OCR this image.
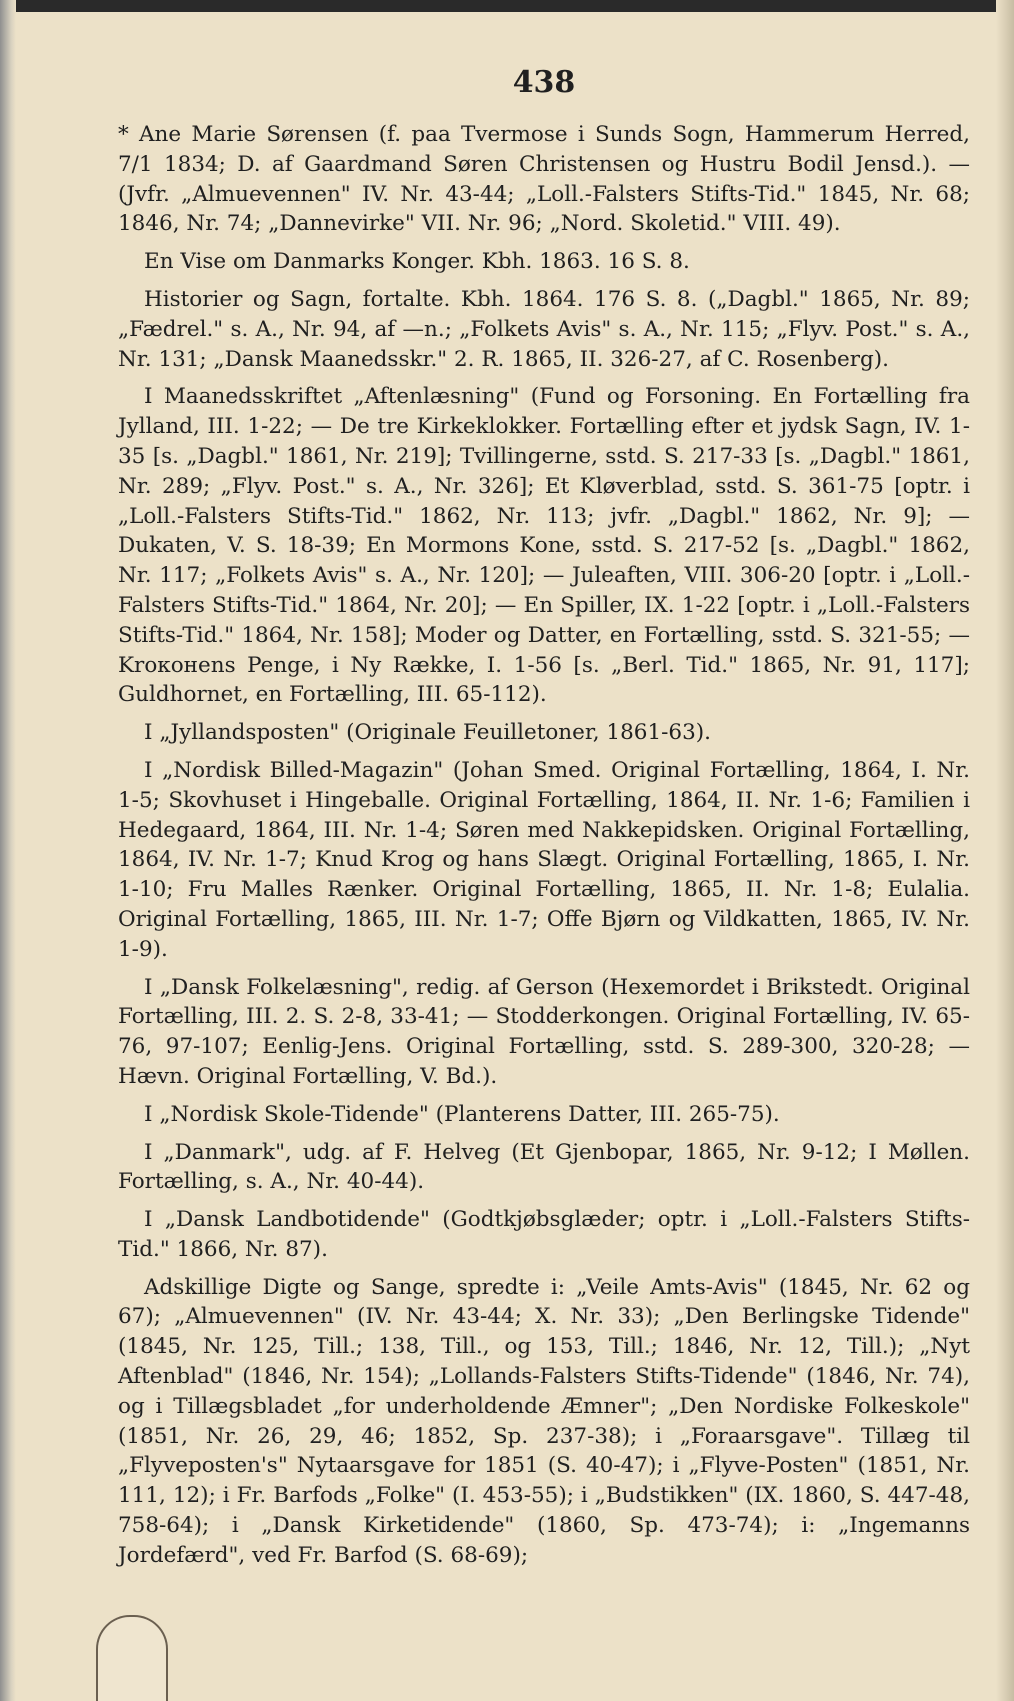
438

* Ane Marie Sørensen (f. paa Tvermose i Sunds Sogn, Hammerum Herred, 7/1 1834; D. af Gaardmand Søren Christensen og Hustru Bodil Jensd.). — (Jvfr. „Almuevennen" IV. Nr. 43-44; „Loll.-Falsters Stifts-Tid." 1845, Nr. 68; 1846, Nr. 74; „Dannevirke" VII. Nr. 96; „Nord. Skoletid." VIII. 49).

En Vise om Danmarks Konger. Kbh. 1863. 16 S. 8.

Historier og Sagn, fortalte. Kbh. 1864. 176 S. 8. („Dagbl." 1865, Nr. 89; „Fædrel." s. A., Nr. 94, af —n.; „Folkets Avis" s. A., Nr. 115; „Flyv. Post." s. A., Nr. 131; „Dansk Maanedsskr." 2. R. 1865, II. 326-27, af C. Rosenberg).

I Maanedsskriftet „Aftenlæsning" (Fund og Forsoning. En Fortælling fra Jylland, III. 1-22; — De tre Kirkeklokker. Fortælling efter et jydsk Sagn, IV. 1-35 [s. „Dagbl." 1861, Nr. 219]; Tvillingerne, sstd. S. 217-33 [s. „Dagbl." 1861, Nr. 289; „Flyv. Post." s. A., Nr. 326]; Et Kløverblad, sstd. S. 361-75 [optr. i „Loll.-Falsters Stifts-Tid." 1862, Nr. 113; jvfr. „Dagbl." 1862, Nr. 9]; — Dukaten, V. S. 18-39; En Mormons Kone, sstd. S. 217-52 [s. „Dagbl." 1862, Nr. 117; „Folkets Avis" s. A., Nr. 120]; — Juleaften, VIII. 306-20 [optr. i „Loll.-Falsters Stifts-Tid." 1864, Nr. 20]; — En Spiller, IX. 1-22 [optr. i „Loll.-Falsters Stifts-Tid." 1864, Nr. 158]; Moder og Datter, en Fortælling, sstd. S. 321-55; — Kroконens Penge, i Ny Række, I. 1-56 [s. „Berl. Tid." 1865, Nr. 91, 117]; Guldhornet, en Fortælling, III. 65-112).

I „Jyllandsposten" (Originale Feuilletoner, 1861-63).

I „Nordisk Billed-Magazin" (Johan Smed. Original Fortælling, 1864, I. Nr. 1-5; Skovhuset i Hingeballe. Original Fortælling, 1864, II. Nr. 1-6; Familien i Hedegaard, 1864, III. Nr. 1-4; Søren med Nakkepidsken. Original Fortælling, 1864, IV. Nr. 1-7; Knud Krog og hans Slægt. Original Fortælling, 1865, I. Nr. 1-10; Fru Malles Rænker. Original Fortælling, 1865, II. Nr. 1-8; Eulalia. Original Fortælling, 1865, III. Nr. 1-7; Offe Bjørn og Vildkatten, 1865, IV. Nr. 1-9).

I „Dansk Folkelæsning", redig. af Gerson (Hexemordet i Brikstedt. Original Fortælling, III. 2. S. 2-8, 33-41; — Stodderkongen. Original Fortælling, IV. 65-76, 97-107; Eenlig-Jens. Original Fortælling, sstd. S. 289-300, 320-28; — Hævn. Original Fortælling, V. Bd.).

I „Nordisk Skole-Tidende" (Planterens Datter, III. 265-75).

I „Danmark", udg. af F. Helveg (Et Gjenbopar, 1865, Nr. 9-12; I Møllen. Fortælling, s. A., Nr. 40-44).

I „Dansk Landbotidende" (Godtkjøbsglæder; optr. i „Loll.-Falsters Stifts-Tid." 1866, Nr. 87).

Adskillige Digte og Sange, spredte i: „Veile Amts-Avis" (1845, Nr. 62 og 67); „Almuevennen" (IV. Nr. 43-44; X. Nr. 33); „Den Berlingske Tidende" (1845, Nr. 125, Till.; 138, Till., og 153, Till.; 1846, Nr. 12, Till.); „Nyt Aftenblad" (1846, Nr. 154); „Lollands-Falsters Stifts-Tidende" (1846, Nr. 74), og i Tillægsbladet „for underholdende Æmner"; „Den Nordiske Folkeskole" (1851, Nr. 26, 29, 46; 1852, Sp. 237-38); i „Foraarsgave". Tillæg til „Flyveposten's" Nytaarsgave for 1851 (S. 40-47); i „Flyve-Posten" (1851, Nr. 111, 12); i Fr. Barfods „Folke" (I. 453-55); i „Budstikken" (IX. 1860, S. 447-48, 758-64); i „Dansk Kirketidende" (1860, Sp. 473-74); i: „Ingemanns Jordefærd", ved Fr. Barfod (S. 68-69);
